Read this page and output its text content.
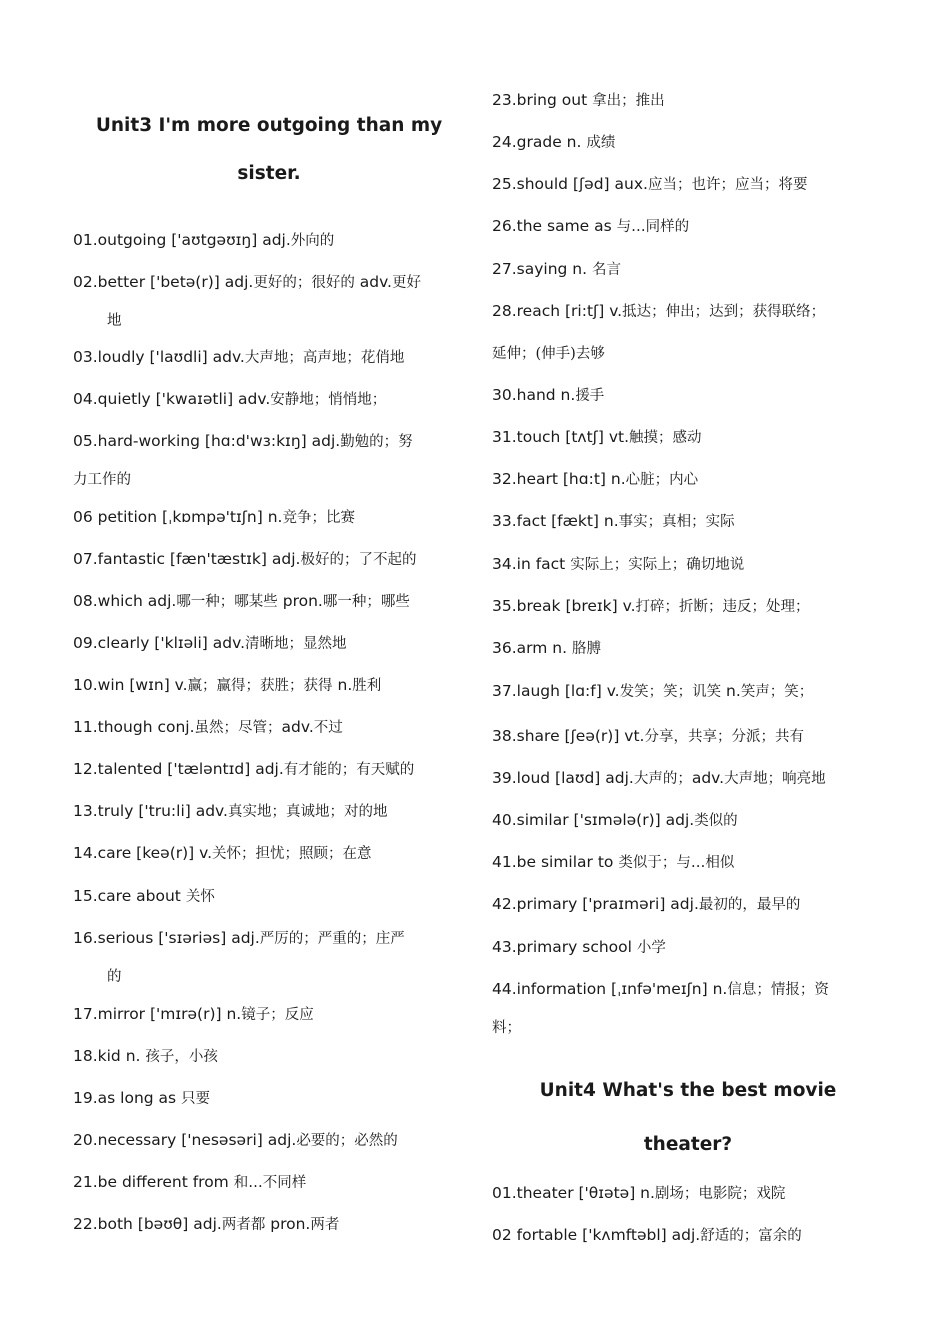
Unit3 I'm more outgoing than my
sister.
01.outgoing ['aʊtgəʊɪŋ] adj.外向的
02.better ['betə(r)] adj.更好的；很好的 adv.更好
地
03.loudly ['laʊdli] adv.大声地；高声地；花俏地
04.quietly ['kwaɪətli] adv.安静地；悄悄地；
05.hard-working [hɑ:d'wɜ:kɪŋ] adj.勤勉的；努
力工作的
06 petition [ˌkɒmpə'tɪʃn] n.竞争；比赛
07.fantastic [fæn'tæstɪk] adj.极好的；了不起的
08.which adj.哪一种；哪某些 pron.哪一种；哪些
09.clearly ['klɪəli] adv.清晰地；显然地
10.win [wɪn] v.赢；赢得；获胜；获得 n.胜利
11.though conj.虽然；尽管；adv.不过
12.talented ['tæləntɪd] adj.有才能的；有天赋的
13.truly ['tru:li] adv.真实地；真诚地；对的地
14.care [keə(r)] v.关怀；担忧；照顾；在意
15.care about 关怀
16.serious ['sɪəriəs] adj.严厉的；严重的；庄严
的
17.mirror ['mɪrə(r)] n.镜子；反应
18.kid n. 孩子，小孩
19.as long as 只要
20.necessary ['nesəsəri] adj.必要的；必然的
21.be different from 和…不同样
22.both [bəʊθ] adj.两者都 pron.两者
23.bring out 拿出；推出
24.grade n. 成绩
25.should [ʃəd] aux.应当；也许；应当；将要
26.the same as 与…同样的
27.saying n. 名言
28.reach [ri:tʃ] v.抵达；伸出；达到；获得联络；
延伸；(伸手)去够
30.hand n.援手
31.touch [tʌtʃ] vt.触摸；感动
32.heart [hɑ:t] n.心脏；内心
33.fact [fækt] n.事实；真相；实际
34.in fact 实际上；实际上；确切地说
35.break [breɪk] v.打碎；折断；违反；处理；
36.arm n. 胳膊
37.laugh [lɑ:f] v.发笑；笑；讥笑 n.笑声；笑；
38.share [ʃeə(r)] vt.分享，共享；分派；共有
39.loud [laʊd] adj.大声的；adv.大声地；响亮地
40.similar ['sɪmələ(r)] adj.类似的
41.be similar to 类似于；与…相似
42.primary ['praɪməri] adj.最初的，最早的
43.primary school 小学
44.information [ˌɪnfə'meɪʃn] n.信息；情报；资
料；
Unit4 What's the best movie
theater?
01.theater ['θɪətə] n.剧场；电影院；戏院
02 fortable ['kʌmftəbl] adj.舒适的；富余的
